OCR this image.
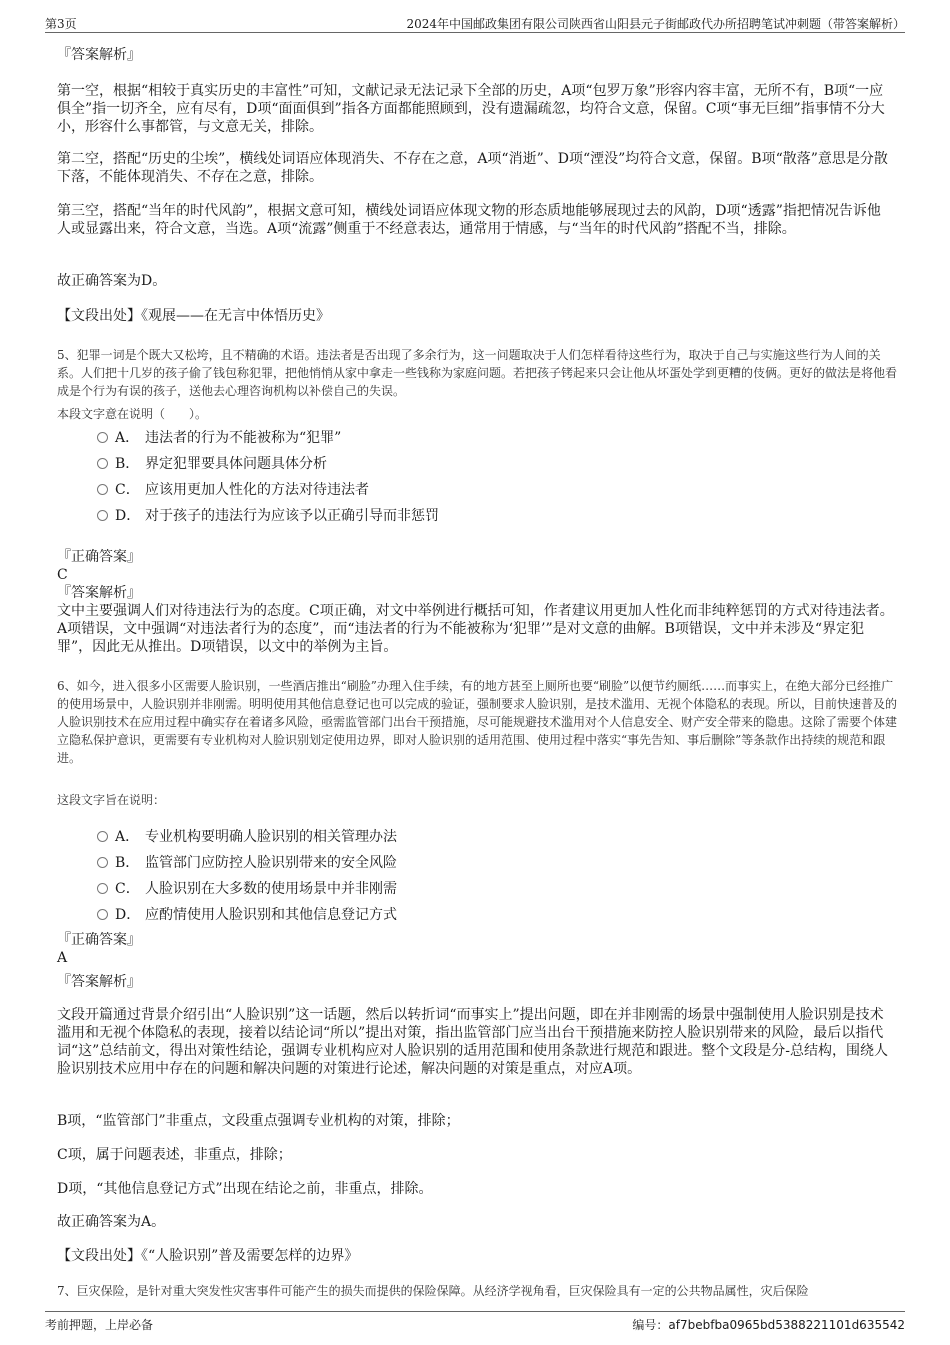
第3页	2024年中国邮政集团有限公司陕西省山阳县元子街邮政代办所招聘笔试冲刺题（带答案解析）

『答案解析』

第一空，根据“相较于真实历史的丰富性”可知，文献记录无法记录下全部的历史，A项“包罗万象”形容内容丰富，无所不有，B项“一应俱全”指一切齐全，应有尽有，D项“面面俱到”指各方面都能照顾到，没有遗漏疏忽，均符合文意，保留。C项“事无巨细”指事情不分大小，形容什么事都管，与文意无关，排除。

第二空，搭配“历史的尘埃”，横线处词语应体现消失、不存在之意，A项“消逝”、D项“湮没”均符合文意，保留。B项“散落”意思是分散下落，不能体现消失、不存在之意，排除。

第三空，搭配“当年的时代风韵”，根据文意可知，横线处词语应体现文物的形态质地能够展现过去的风韵，D项“透露”指把情况告诉他人或显露出来，符合文意，当选。A项“流露”侧重于不经意表达，通常用于情感，与“当年的时代风韵”搭配不当，排除。

故正确答案为D。

【文段出处】《观展——在无言中体悟历史》

5、犯罪一词是个既大又松垮，且不精确的术语。违法者是否出现了多余行为，这一问题取决于人们怎样看待这些行为，取决于自己与实施这些行为人间的关系。人们把十几岁的孩子偷了钱包称犯罪，把他悄悄从家中拿走一些钱称为家庭问题。若把孩子铐起来只会让他从坏蛋处学到更糟的伎俩。更好的做法是将他看成是个行为有误的孩子，送他去心理咨询机构以补偿自己的失误。
本段文字意在说明（　　）。
A． 违法者的行为不能被称为“犯罪”
B． 界定犯罪要具体问题具体分析
C． 应该用更加人性化的方法对待违法者
D． 对于孩子的违法行为应该予以正确引导而非惩罚

『正确答案』

C

『答案解析』

文中主要强调人们对待违法行为的态度。C项正确，对文中举例进行概括可知，作者建议用更加人性化而非纯粹惩罚的方式对待违法者。A项错误，文中强调“对违法者行为的态度”，而“违法者的行为不能被称为‘犯罪’”是对文意的曲解。B项错误，文中并未涉及“界定犯罪”，因此无从推出。D项错误，以文中的举例为主旨。

6、如今，进入很多小区需要人脸识别，一些酒店推出“刷脸”办理入住手续，有的地方甚至上厕所也要“刷脸”以便节约厕纸……而事实上，在绝大部分已经推广的使用场景中，人脸识别并非刚需。明明使用其他信息登记也可以完成的验证，强制要求人脸识别，是技术滥用、无视个体隐私的表现。所以，目前快速普及的人脸识别技术在应用过程中确实存在着诸多风险，亟需监管部门出台干预措施，尽可能规避技术滥用对个人信息安全、财产安全带来的隐患。这除了需要个体建立隐私保护意识，更需要有专业机构对人脸识别划定使用边界，即对人脸识别的适用范围、使用过程中落实“事先告知、事后删除”等条款作出持续的规范和跟进。
这段文字旨在说明：
A． 专业机构要明确人脸识别的相关管理办法
B． 监管部门应防控人脸识别带来的安全风险
C． 人脸识别在大多数的使用场景中并非刚需
D． 应酌情使用人脸识别和其他信息登记方式

『正确答案』

A

『答案解析』

文段开篇通过背景介绍引出“人脸识别”这一话题，然后以转折词“而事实上”提出问题，即在并非刚需的场景中强制使用人脸识别是技术滥用和无视个体隐私的表现，接着以结论词“所以”提出对策，指出监管部门应当出台干预措施来防控人脸识别带来的风险，最后以指代词“这”总结前文，得出对策性结论，强调专业机构应对人脸识别的适用范围和使用条款进行规范和跟进。整个文段是分-总结构，围绕人脸识别技术应用中存在的问题和解决问题的对策进行论述，解决问题的对策是重点，对应A项。

B项，“监管部门”非重点，文段重点强调专业机构的对策，排除；

C项，属于问题表述，非重点，排除；

D项，“其他信息登记方式”出现在结论之前，非重点，排除。

故正确答案为A。

【文段出处】《“人脸识别”普及需要怎样的边界》

7、巨灾保险，是针对重大突发性灾害事件可能产生的损失而提供的保险保障。从经济学视角看，巨灾保险具有一定的公共物品属性，灾后保险
考前押题，上岸必备	编号：af7bebfba0965bd5388221101d635542
